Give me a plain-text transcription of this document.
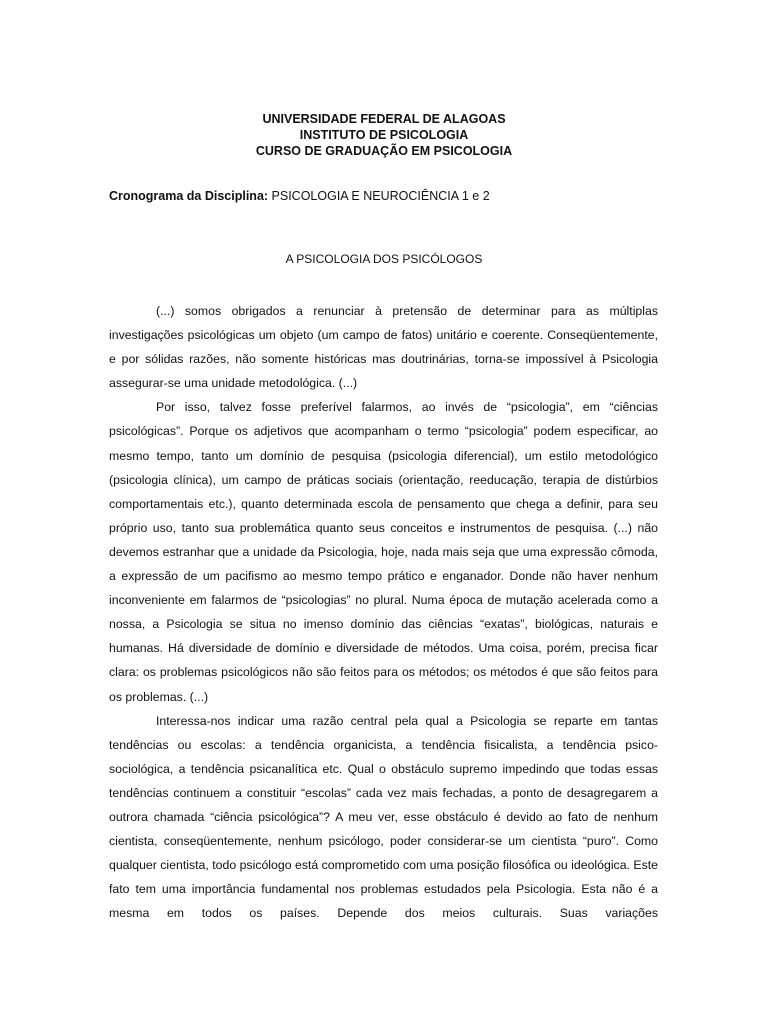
UNIVERSIDADE FEDERAL DE ALAGOAS
INSTITUTO DE PSICOLOGIA
CURSO DE GRADUAÇÃO EM PSICOLOGIA
Cronograma da Disciplina: PSICOLOGIA E NEUROCIÊNCIA 1 e 2
A PSICOLOGIA DOS PSICÓLOGOS

(...) somos obrigados a renunciar à pretensão de determinar para as múltiplas investigações psicológicas um objeto (um campo de fatos) unitário e coerente. Conseqüentemente, e por sólidas razões, não somente históricas mas doutrinárias, torna-se impossível à Psicologia assegurar-se uma unidade metodológica. (...)

Por isso, talvez fosse preferível falarmos, ao invés de “psicologia”, em “ciências psicológicas”. Porque os adjetivos que acompanham o termo “psicologia” podem especificar, ao mesmo tempo, tanto um domínio de pesquisa (psicologia diferencial), um estilo metodológico (psicologia clínica), um campo de práticas sociais (orientação, reeducação, terapia de distúrbios comportamentais etc.), quanto determinada escola de pensamento que chega a definir, para seu próprio uso, tanto sua problemática quanto seus conceitos e instrumentos de pesquisa. (...) não devemos estranhar que a unidade da Psicologia, hoje, nada mais seja que uma expressão cômoda, a expressão de um pacifismo ao mesmo tempo prático e enganador. Donde não haver nenhum inconveniente em falarmos de “psicologias” no plural. Numa época de mutação acelerada como a nossa, a Psicologia se situa no imenso domínio das ciências “exatas”, biológicas, naturais e humanas. Há diversidade de domínio e diversidade de métodos. Uma coisa, porém, precisa ficar clara: os problemas psicológicos não são feitos para os métodos; os métodos é que são feitos para os problemas. (...)

Interessa-nos indicar uma razão central pela qual a Psicologia se reparte em tantas tendências ou escolas: a tendência organicista, a tendência fisicalista, a tendência psico-sociológica, a tendência psicanalítica etc. Qual o obstáculo supremo impedindo que todas essas tendências continuem a constituir “escolas” cada vez mais fechadas, a ponto de desagregarem a outrora chamada “ciência psicológica”? A meu ver, esse obstáculo é devido ao fato de nenhum cientista, conseqüentemente, nenhum psicólogo, poder considerar-se um cientista “puro”. Como qualquer cientista, todo psicólogo está comprometido com uma posição filosófica ou ideológica. Este fato tem uma importância fundamental nos problemas estudados pela Psicologia. Esta não é a mesma em todos os países. Depende dos meios culturais. Suas variações
